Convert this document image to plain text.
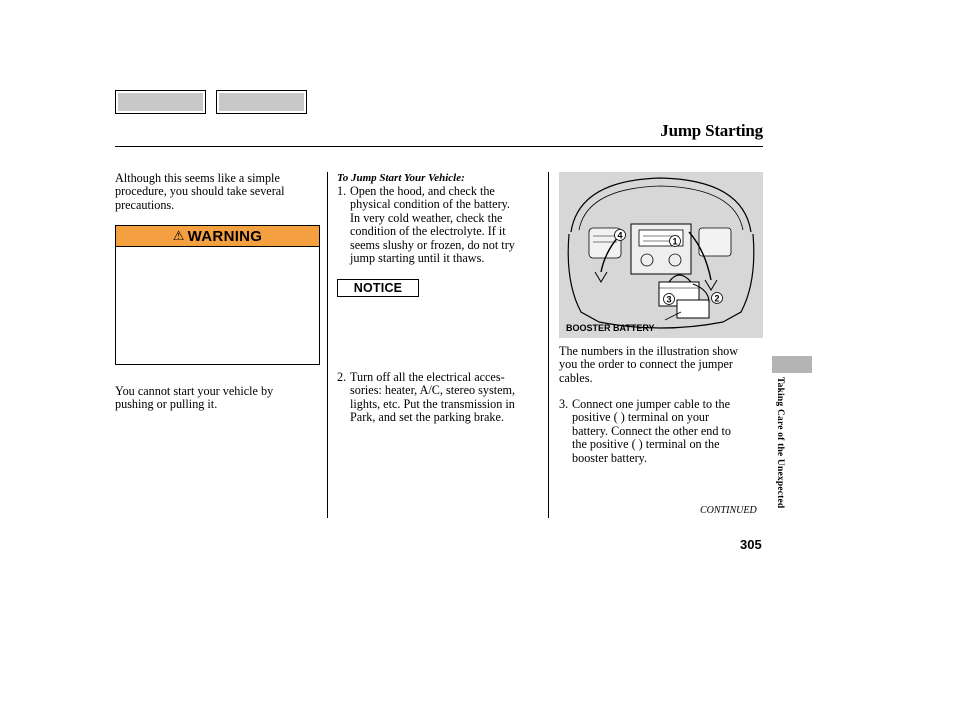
Jump Starting
Although this seems like a simple
procedure, you should take several
precautions.
⚠ WARNING
You cannot start your vehicle by
pushing or pulling it.
To Jump Start Your Vehicle:
1. Open the hood, and check the
physical condition of the battery.
In very cold weather, check the
condition of the electrolyte. If it
seems slushy or frozen, do not try
jump starting until it thaws.
NOTICE
2. Turn off all the electrical acces-
sories: heater, A/C, stereo system,
lights, etc. Put the transmission in
Park, and set the parking brake.
1
2
3
4
BOOSTER BATTERY
The numbers in the illustration show
you the order to connect the jumper
cables.
3. Connect one jumper cable to the
positive ( ) terminal on your
battery. Connect the other end to
the positive ( ) terminal on the
booster battery.	Taking Care of the Unexpected
CONTINUED
305
